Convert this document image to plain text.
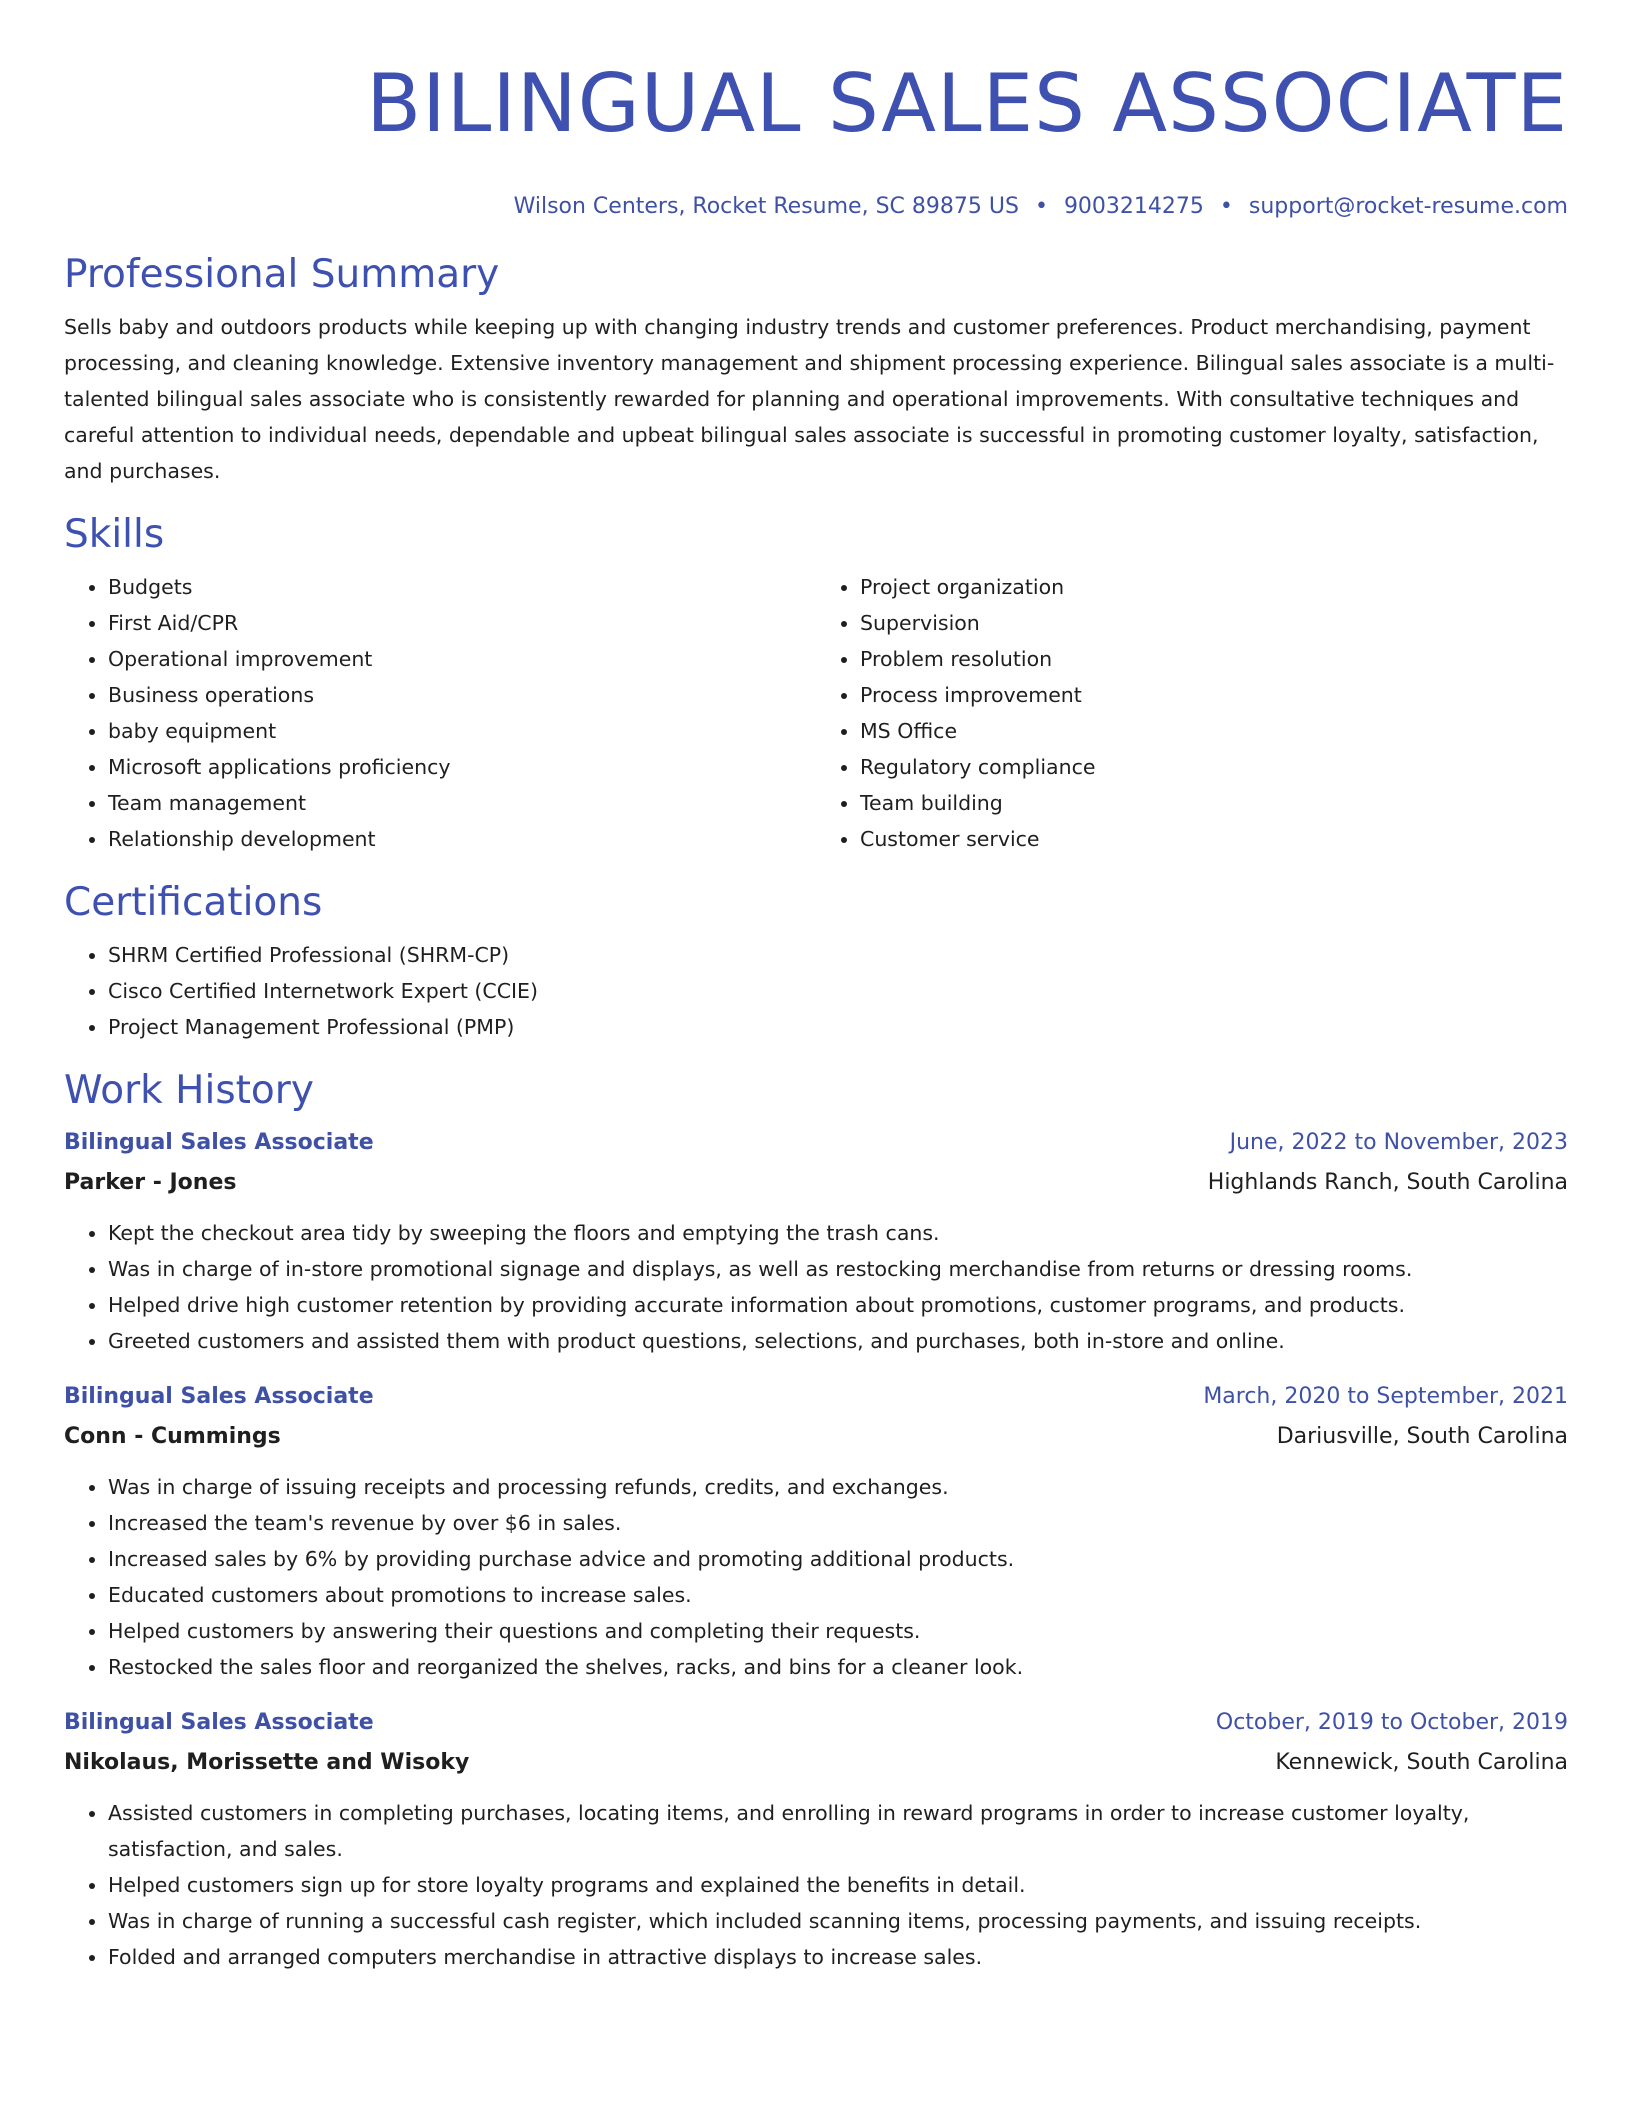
BILINGUAL SALES ASSOCIATE
Wilson Centers, Rocket Resume, SC 89875 US • 9003214275 • support@rocket-resume.com
Professional Summary

Sells baby and outdoors products while keeping up with changing industry trends and customer preferences. Product merchandising, payment processing, and cleaning knowledge. Extensive inventory management and shipment processing experience. Bilingual sales associate is a multi-talented bilingual sales associate who is consistently rewarded for planning and operational improvements. With consultative techniques and careful attention to individual needs, dependable and upbeat bilingual sales associate is successful in promoting customer loyalty, satisfaction, and purchases.

Skills
• Budgets
• First Aid/CPR
• Operational improvement
• Business operations
• baby equipment
• Microsoft applications proficiency
• Team management
• Relationship development
• Project organization
• Supervision
• Problem resolution
• Process improvement
• MS Office
• Regulatory compliance
• Team building
• Customer service
Certifications
• SHRM Certified Professional (SHRM-CP)
• Cisco Certified Internetwork Expert (CCIE)
• Project Management Professional (PMP)
Work History
Bilingual Sales Associate	June, 2022 to November, 2023
Parker - Jones	Highlands Ranch, South Carolina
• Kept the checkout area tidy by sweeping the floors and emptying the trash cans.
• Was in charge of in-store promotional signage and displays, as well as restocking merchandise from returns or dressing rooms.
• Helped drive high customer retention by providing accurate information about promotions, customer programs, and products.
• Greeted customers and assisted them with product questions, selections, and purchases, both in-store and online.
Bilingual Sales Associate	March, 2020 to September, 2021
Conn - Cummings	Dariusville, South Carolina
• Was in charge of issuing receipts and processing refunds, credits, and exchanges.
• Increased the team's revenue by over $6 in sales.
• Increased sales by 6% by providing purchase advice and promoting additional products.
• Educated customers about promotions to increase sales.
• Helped customers by answering their questions and completing their requests.
• Restocked the sales floor and reorganized the shelves, racks, and bins for a cleaner look.
Bilingual Sales Associate	October, 2019 to October, 2019
Nikolaus, Morissette and Wisoky	Kennewick, South Carolina
• Assisted customers in completing purchases, locating items, and enrolling in reward programs in order to increase customer loyalty, satisfaction, and sales.
• Helped customers sign up for store loyalty programs and explained the benefits in detail.
• Was in charge of running a successful cash register, which included scanning items, processing payments, and issuing receipts.
• Folded and arranged computers merchandise in attractive displays to increase sales.
